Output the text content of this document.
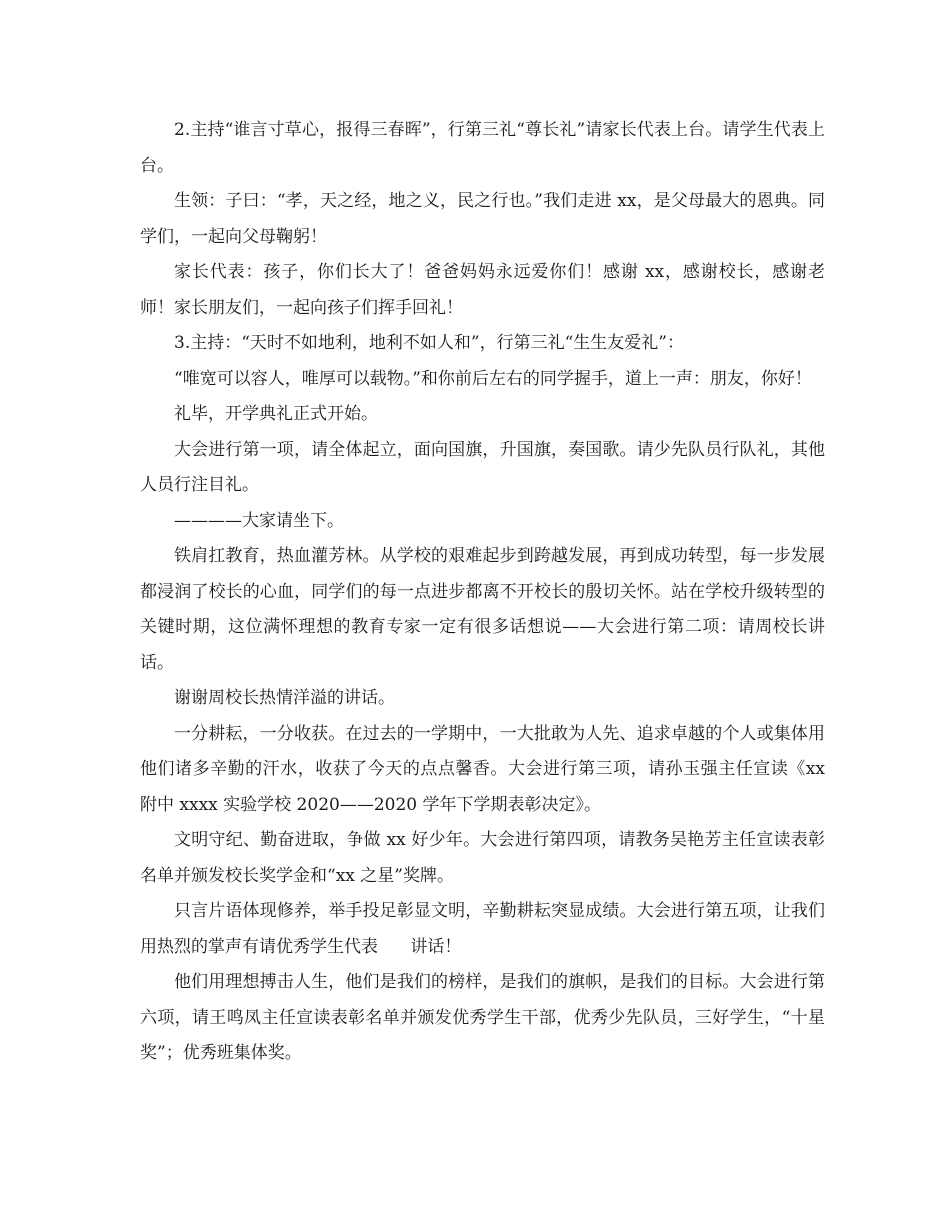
2.主持“谁言寸草心，报得三春晖”，行第三礼“尊长礼”请家长代表上台。请学生代表上台。

生领：子曰：“孝，天之经，地之义，民之行也。”我们走进 xx，是父母最大的恩典。同学们，一起向父母鞠躬！

家长代表：孩子，你们长大了！爸爸妈妈永远爱你们！感谢 xx，感谢校长，感谢老师！家长朋友们，一起向孩子们挥手回礼！

3.主持：“天时不如地利，地利不如人和”，行第三礼“生生友爱礼”：

“唯宽可以容人，唯厚可以载物。”和你前后左右的同学握手，道上一声：朋友，你好！

礼毕，开学典礼正式开始。

大会进行第一项，请全体起立，面向国旗，升国旗，奏国歌。请少先队员行队礼，其他人员行注目礼。

————大家请坐下。

铁肩扛教育，热血灌芳林。从学校的艰难起步到跨越发展，再到成功转型，每一步发展都浸润了校长的心血，同学们的每一点进步都离不开校长的殷切关怀。站在学校升级转型的关键时期，这位满怀理想的教育专家一定有很多话想说——大会进行第二项：请周校长讲话。

谢谢周校长热情洋溢的讲话。

一分耕耘，一分收获。在过去的一学期中，一大批敢为人先、追求卓越的个人或集体用他们诸多辛勤的汗水，收获了今天的点点馨香。大会进行第三项，请孙玉强主任宣读《xx 附中 xxxx 实验学校 2020——2020 学年下学期表彰决定》。

文明守纪、勤奋进取，争做 xx 好少年。大会进行第四项，请教务吴艳芳主任宣读表彰名单并颁发校长奖学金和“xx 之星”奖牌。

只言片语体现修养，举手投足彰显文明，辛勤耕耘突显成绩。大会进行第五项，让我们用热烈的掌声有请优秀学生代表      讲话！

他们用理想搏击人生，他们是我们的榜样，是我们的旗帜，是我们的目标。大会进行第六项，请王鸣凤主任宣读表彰名单并颁发优秀学生干部，优秀少先队员，三好学生，“十星奖”；优秀班集体奖。
